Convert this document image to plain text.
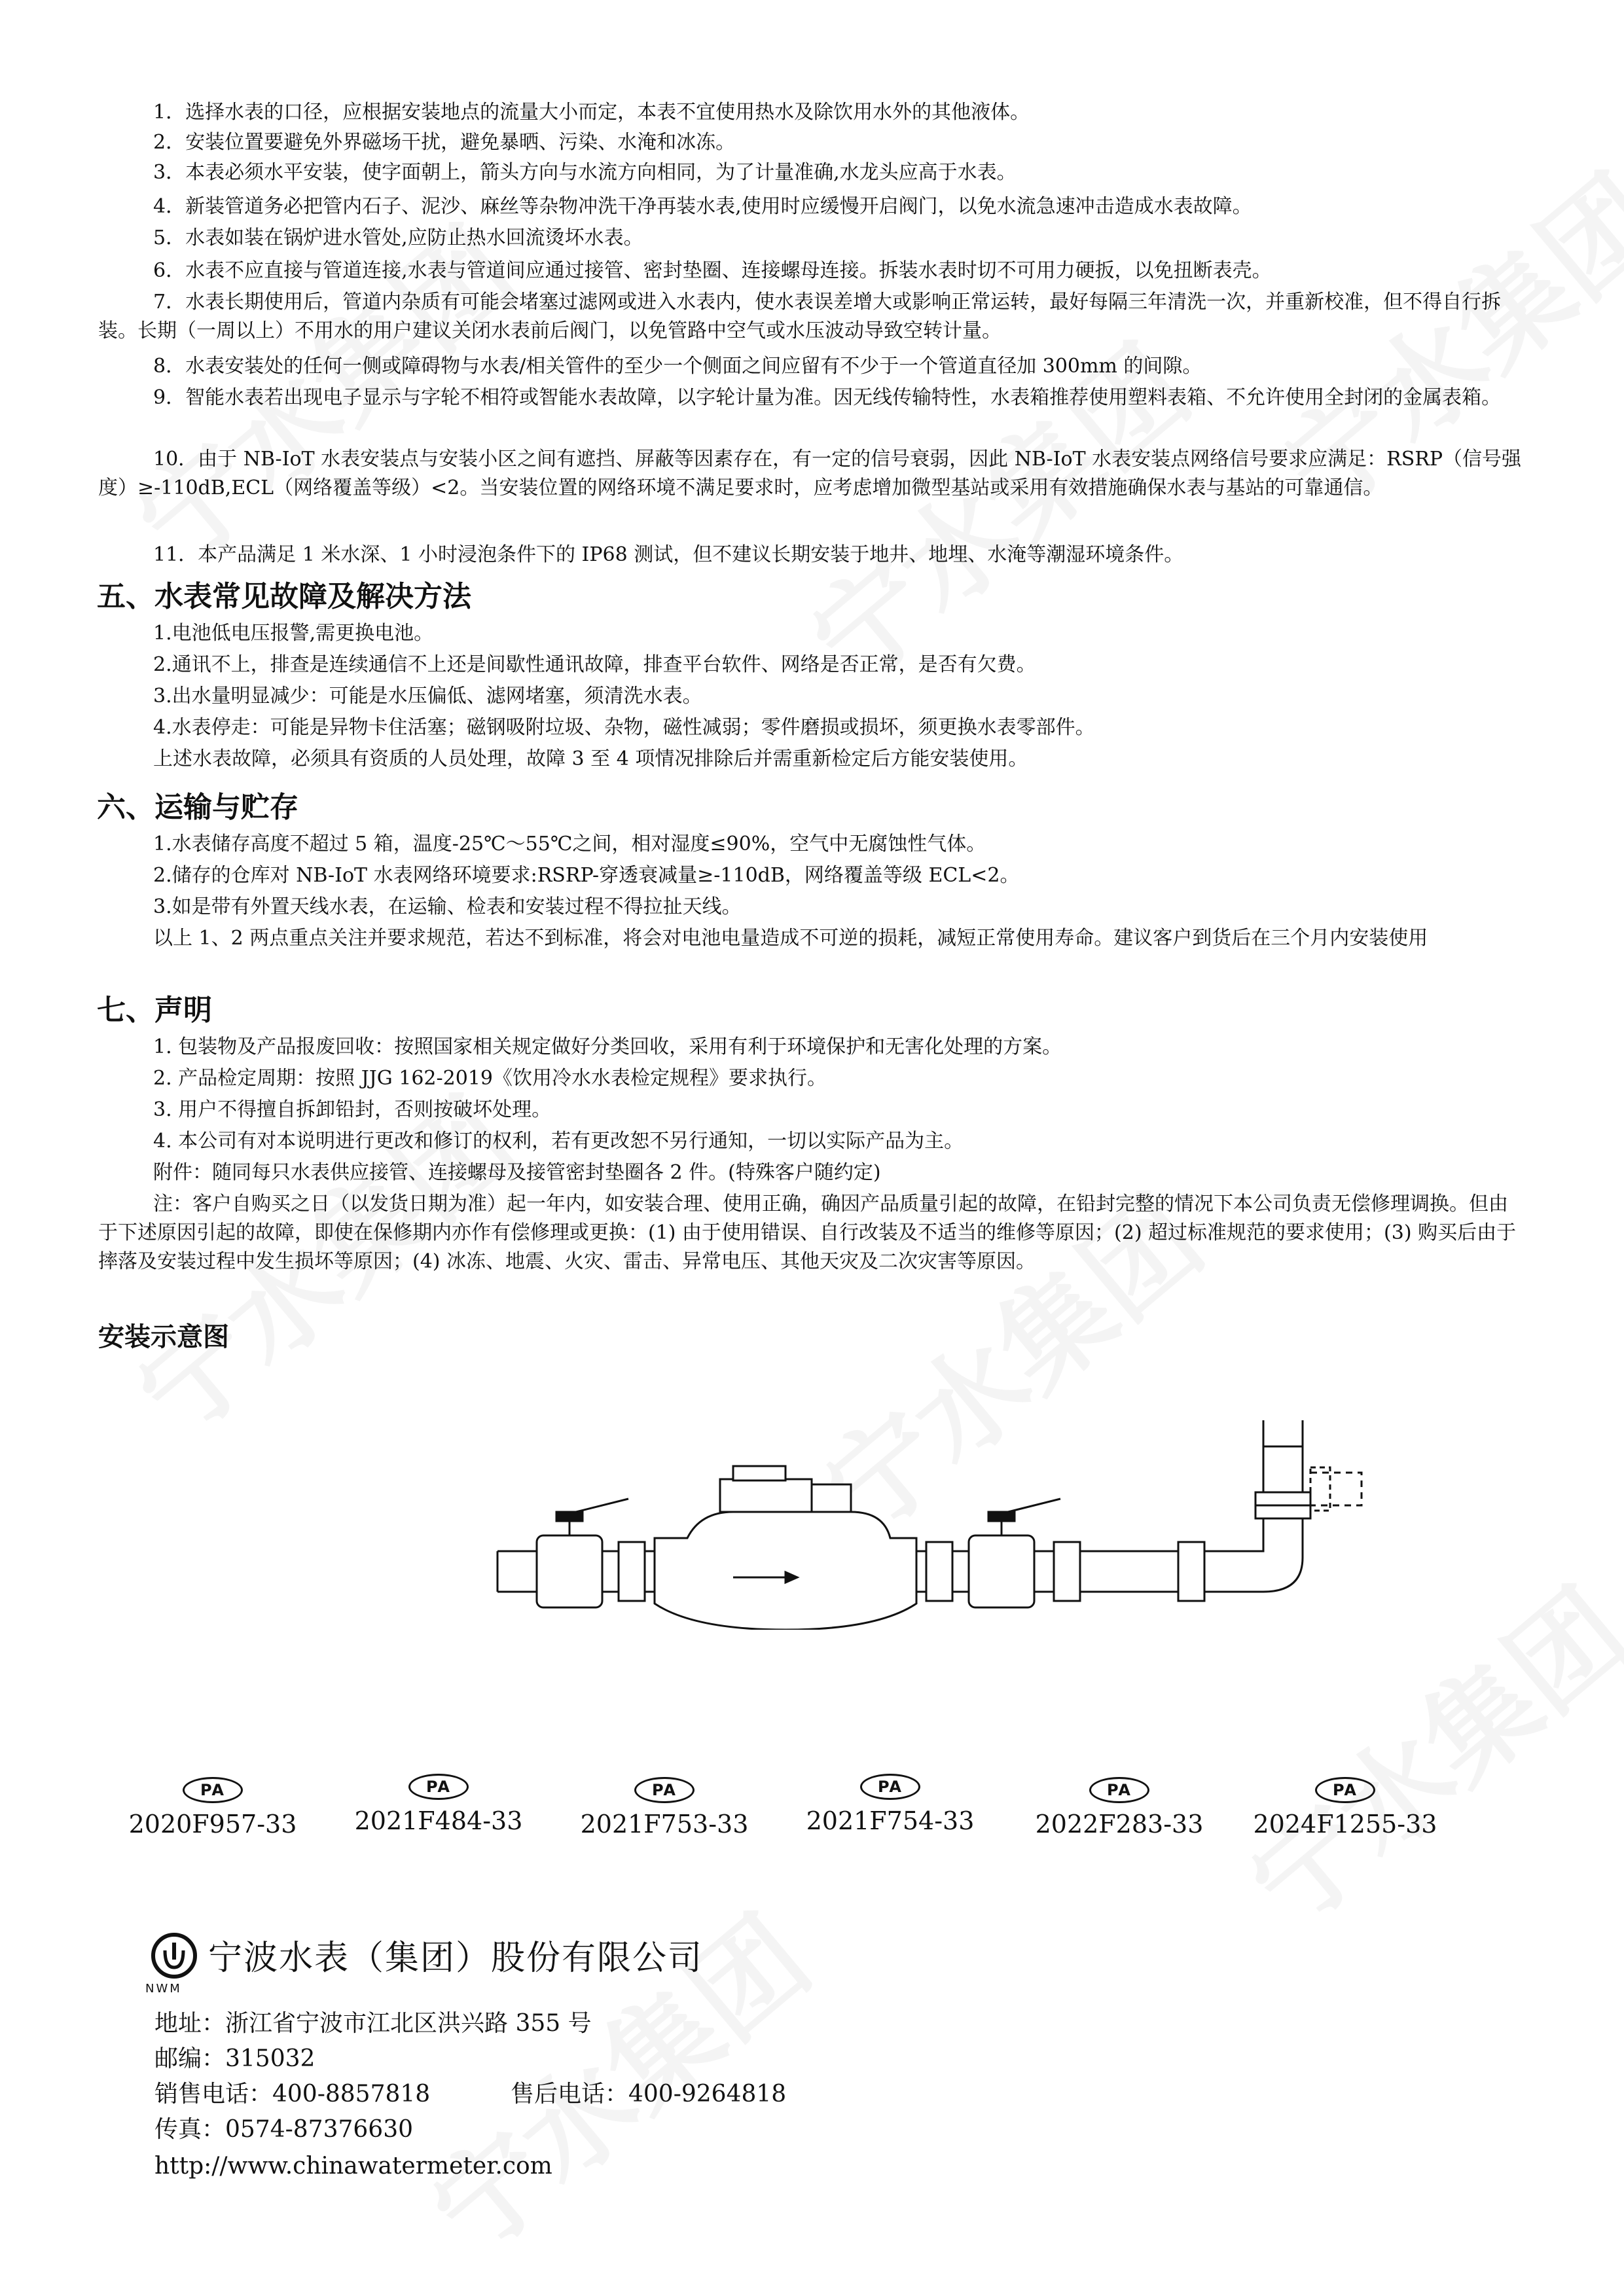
1．选择水表的口径，应根据安装地点的流量大小而定，本表不宜使用热水及除饮用水外的其他液体。

2．安装位置要避免外界磁场干扰，避免暴晒、污染、水淹和冰冻。

3．本表必须水平安装，使字面朝上，箭头方向与水流方向相同，为了计量准确,水龙头应高于水表。

4．新装管道务必把管内石子、泥沙、麻丝等杂物冲洗干净再装水表,使用时应缓慢开启阀门，以免水流急速冲击造成水表故障。

5．水表如装在锅炉进水管处,应防止热水回流烫坏水表。

6．水表不应直接与管道连接,水表与管道间应通过接管、密封垫圈、连接螺母连接。拆装水表时切不可用力硬扳，以免扭断表壳。

7．水表长期使用后，管道内杂质有可能会堵塞过滤网或进入水表内，使水表误差增大或影响正常运转，最好每隔三年清洗一次，并重新校准，但不得自行拆装。长期（一周以上）不用水的用户建议关闭水表前后阀门，以免管路中空气或水压波动导致空转计量。

8．水表安装处的任何一侧或障碍物与水表/相关管件的至少一个侧面之间应留有不少于一个管道直径加 300mm 的间隙。

9．智能水表若出现电子显示与字轮不相符或智能水表故障，以字轮计量为准。因无线传输特性，水表箱推荐使用塑料表箱、不允许使用全封闭的金属表箱。

10．由于 NB-IoT 水表安装点与安装小区之间有遮挡、屏蔽等因素存在，有一定的信号衰弱，因此 NB-IoT 水表安装点网络信号要求应满足：RSRP（信号强度）≥-110dB,ECL（网络覆盖等级）<2。当安装位置的网络环境不满足要求时，应考虑增加微型基站或采用有效措施确保水表与基站的可靠通信。

11．本产品满足 1 米水深、1 小时浸泡条件下的 IP68 测试，但不建议长期安装于地井、地埋、水淹等潮湿环境条件。

五、水表常见故障及解决方法

1.电池低电压报警,需更换电池。

2.通讯不上，排查是连续通信不上还是间歇性通讯故障，排查平台软件、网络是否正常，是否有欠费。

3.出水量明显减少：可能是水压偏低、滤网堵塞，须清洗水表。

4.水表停走：可能是异物卡住活塞；磁钢吸附垃圾、杂物，磁性减弱；零件磨损或损坏，须更换水表零部件。

上述水表故障，必须具有资质的人员处理，故障 3 至 4 项情况排除后并需重新检定后方能安装使用。

六、运输与贮存

1.水表储存高度不超过 5 箱，温度-25℃～55℃之间，相对湿度≤90%，空气中无腐蚀性气体。

2.储存的仓库对 NB-IoT 水表网络环境要求:RSRP-穿透衰减量≥-110dB，网络覆盖等级 ECL<2。

3.如是带有外置天线水表，在运输、检表和安装过程不得拉扯天线。

以上 1、2 两点重点关注并要求规范，若达不到标准，将会对电池电量造成不可逆的损耗，减短正常使用寿命。建议客户到货后在三个月内安装使用

七、声明

1. 包装物及产品报废回收：按照国家相关规定做好分类回收，采用有利于环境保护和无害化处理的方案。

2. 产品检定周期：按照 JJG 162-2019《饮用冷水水表检定规程》要求执行。

3. 用户不得擅自拆卸铅封，否则按破坏处理。

4. 本公司有对本说明进行更改和修订的权利，若有更改恕不另行通知，一切以实际产品为主。

附件：随同每只水表供应接管、连接螺母及接管密封垫圈各 2 件。(特殊客户随约定)

注：客户自购买之日（以发货日期为准）起一年内，如安装合理、使用正确，确因产品质量引起的故障，在铅封完整的情况下本公司负责无偿修理调换。但由于下述原因引起的故障，即使在保修期内亦作有偿修理或更换：(1) 由于使用错误、自行改装及不适当的维修等原因；(2) 超过标准规范的要求使用；(3) 购买后由于摔落及安装过程中发生损坏等原因；(4) 冰冻、地震、火灾、雷击、异常电压、其他天灾及二次灾害等原因。

安装示意图
PA
2020F957-33
PA
2021F484-33
PA
2021F753-33
PA
2021F754-33
PA
2022F283-33
PA
2024F1255-33
NWM
宁波水表（集团）股份有限公司
地址：浙江省宁波市江北区洪兴路 355 号
邮编：315032
销售电话：400-8857818	售后电话：400-9264818
传真：0574-87376630
http://www.chinawatermeter.com
